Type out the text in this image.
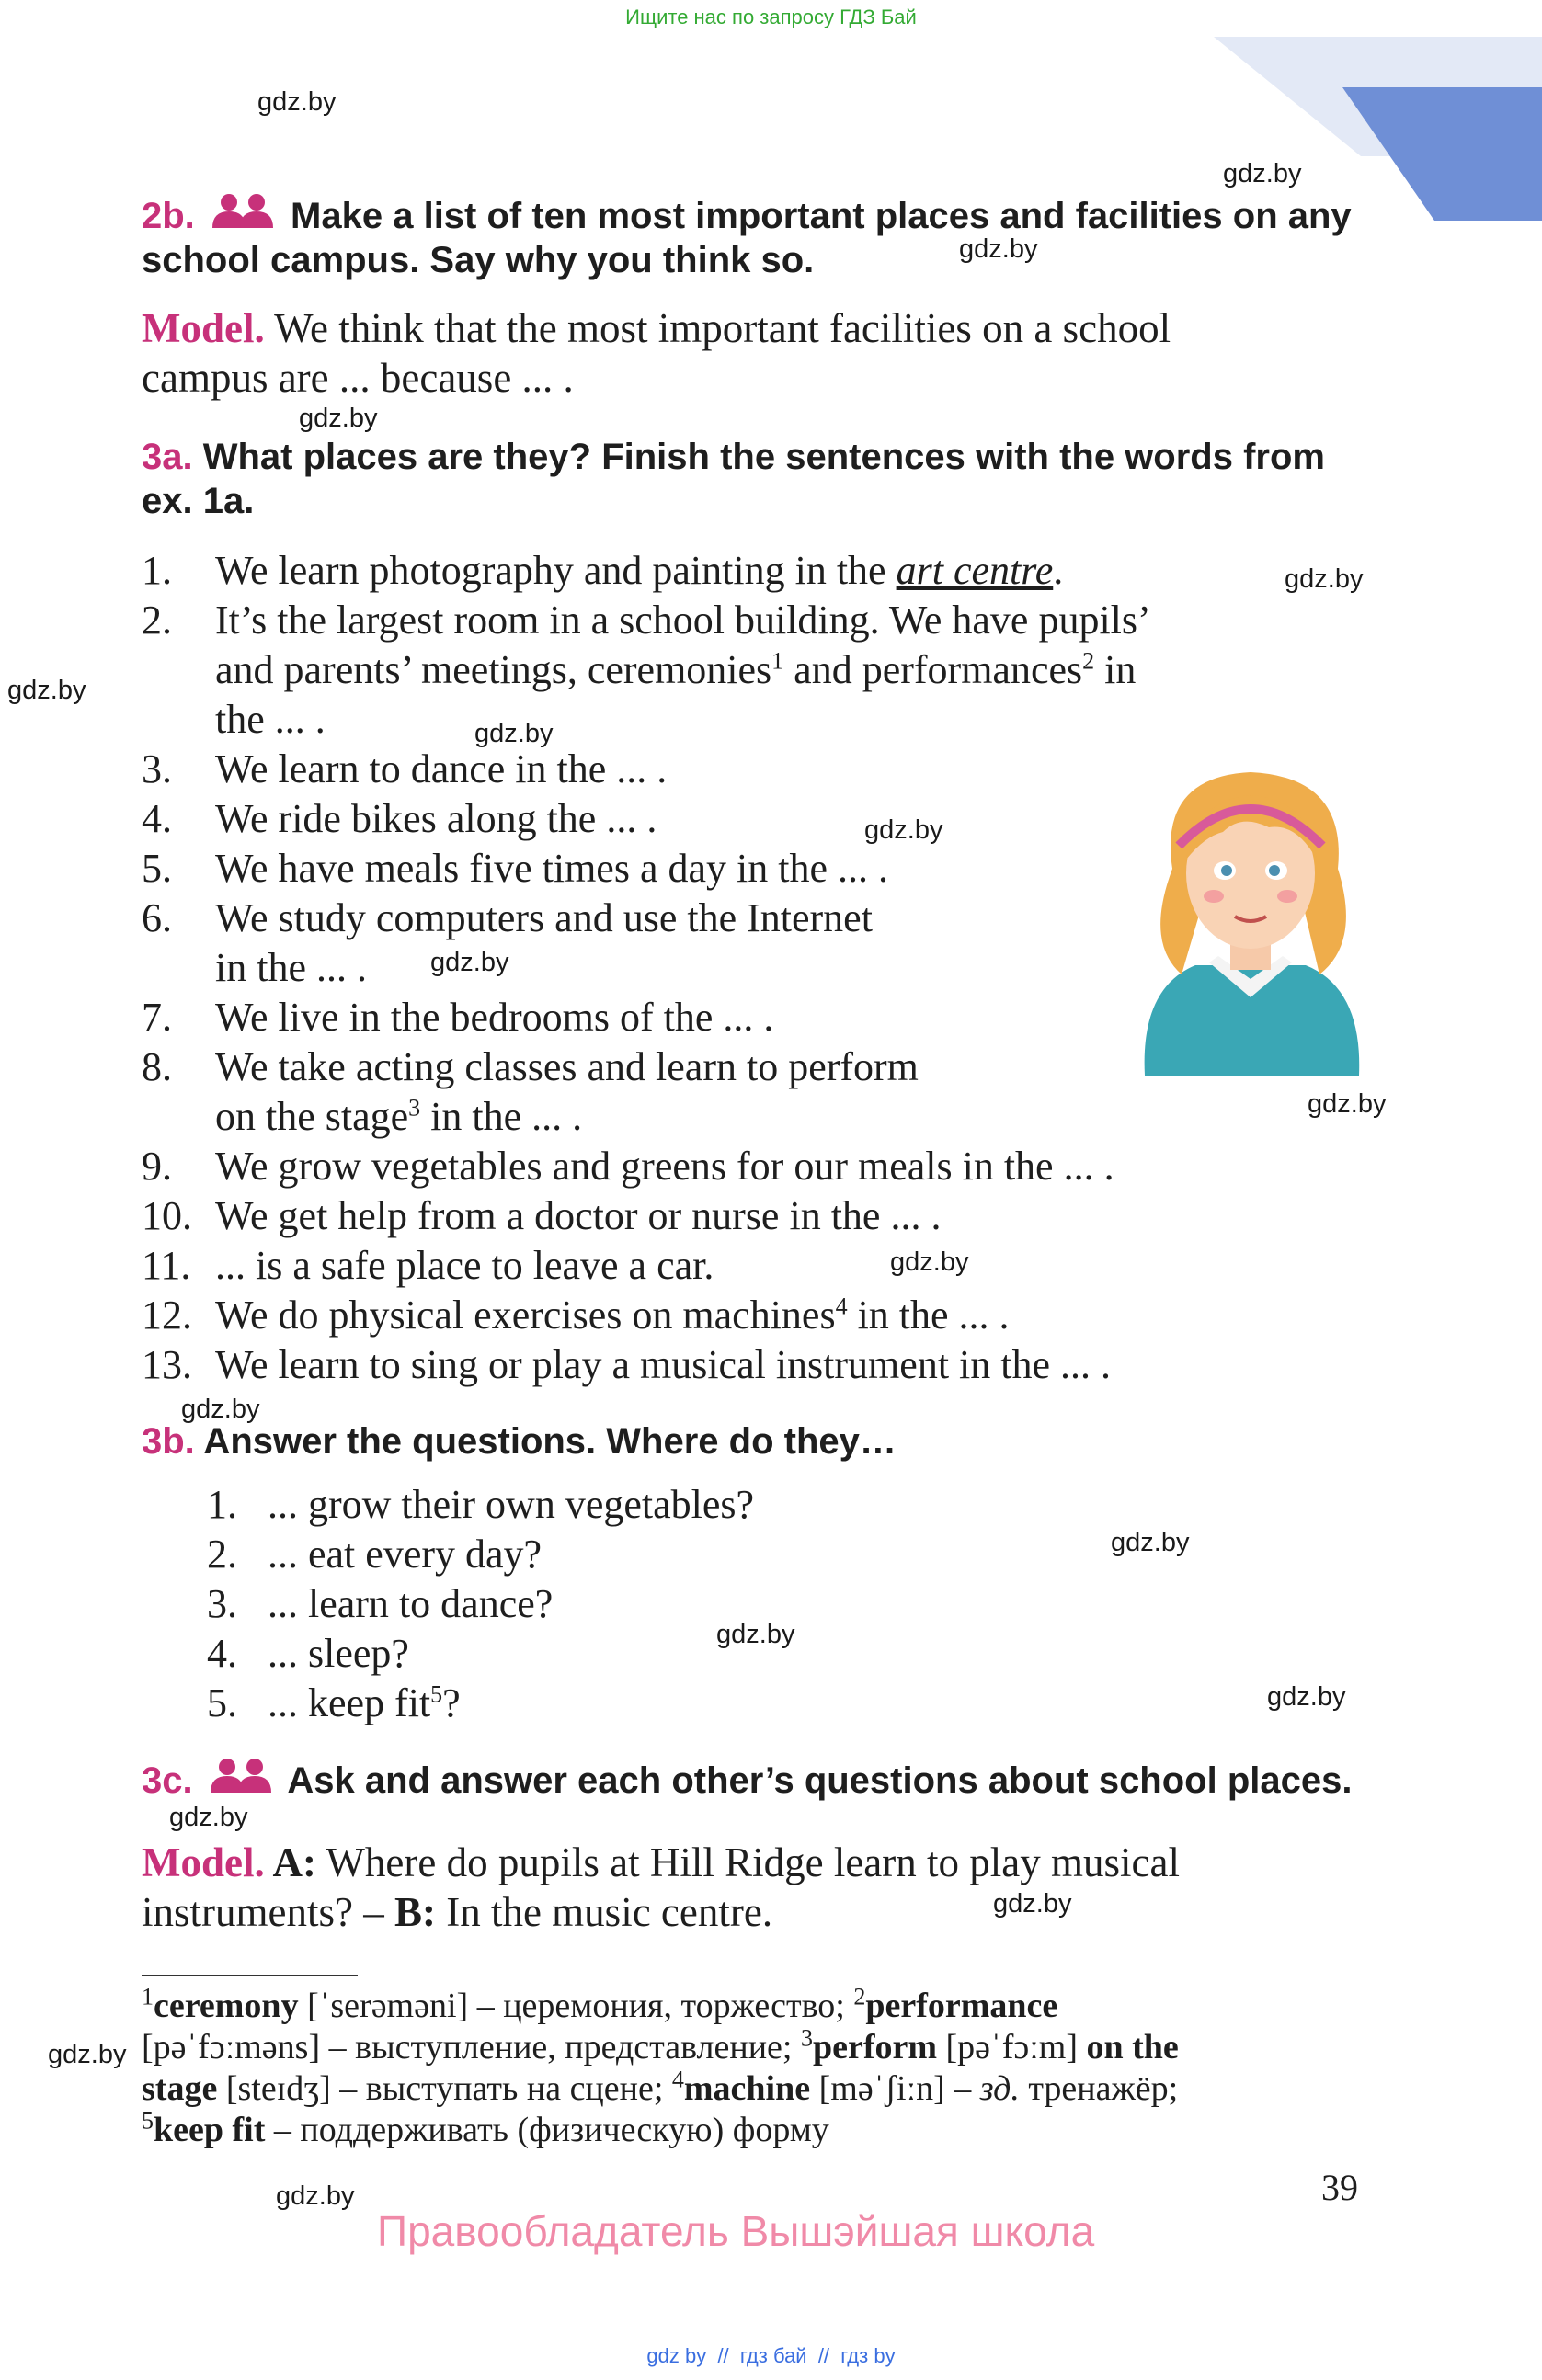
Ищите нас по запросу ГДЗ Бай
gdz.by
gdz.by
gdz.by
gdz.by
gdz.by
gdz.by
gdz.by
gdz.by
gdz.by
gdz.by
gdz.by
gdz.by
gdz.by
gdz.by
gdz.by
gdz.by
gdz.by
gdz.by
gdz.by
2b.	Make a list of ten most important places and facilities on any
school campus. Say why you think so.
Model. We think that the most important facilities on a school
campus are ... because ... .
3a. What places are they? Finish the sentences with the words from
ex. 1a.
1. We learn photography and painting in the art centre.
2. It’s the largest room in a school building. We have pupils’
and parents’ meetings, ceremonies$^1$ and performances$^2$ in
the ... .
3. We learn to dance in the ... .
4. We ride bikes along the ... .
5. We have meals five times a day in the ... .
6. We study computers and use the Internet
in the ... .
7. We live in the bedrooms of the ... .
8. We take acting classes and learn to perform
on the stage$^3$ in the ... .
9. We grow vegetables and greens for our meals in the ... .
10. We get help from a doctor or nurse in the ... .
11. ... is a safe place to leave a car.
12. We do physical exercises on machines$^4$ in the ... .
13. We learn to sing or play a musical instrument in the ... .
3b. Answer the questions. Where do they…
1. ... grow their own vegetables?
2. ... eat every day?
3. ... learn to dance?
4. ... sleep?
5. ... keep fit$^5$?
3c.	Ask and answer each other’s questions about school places.
Model. A: Where do pupils at Hill Ridge learn to play musical
instruments? – B: In the music centre.
$^1$ceremony [ˈserəməni] – церемония, торжество; $^2$performance
[pəˈfɔːməns] – выступление, представление; $^3$perform [pəˈfɔːm] on the
stage [steɪdʒ] – выступать на сцене; $^4$machine [məˈʃiːn] – зд. тренажёр;
$^5$keep fit – поддерживать (физическую) форму
39
Правообладатель Вышэйшая школа
gdz by  //  гдз бай  //  гдз by
